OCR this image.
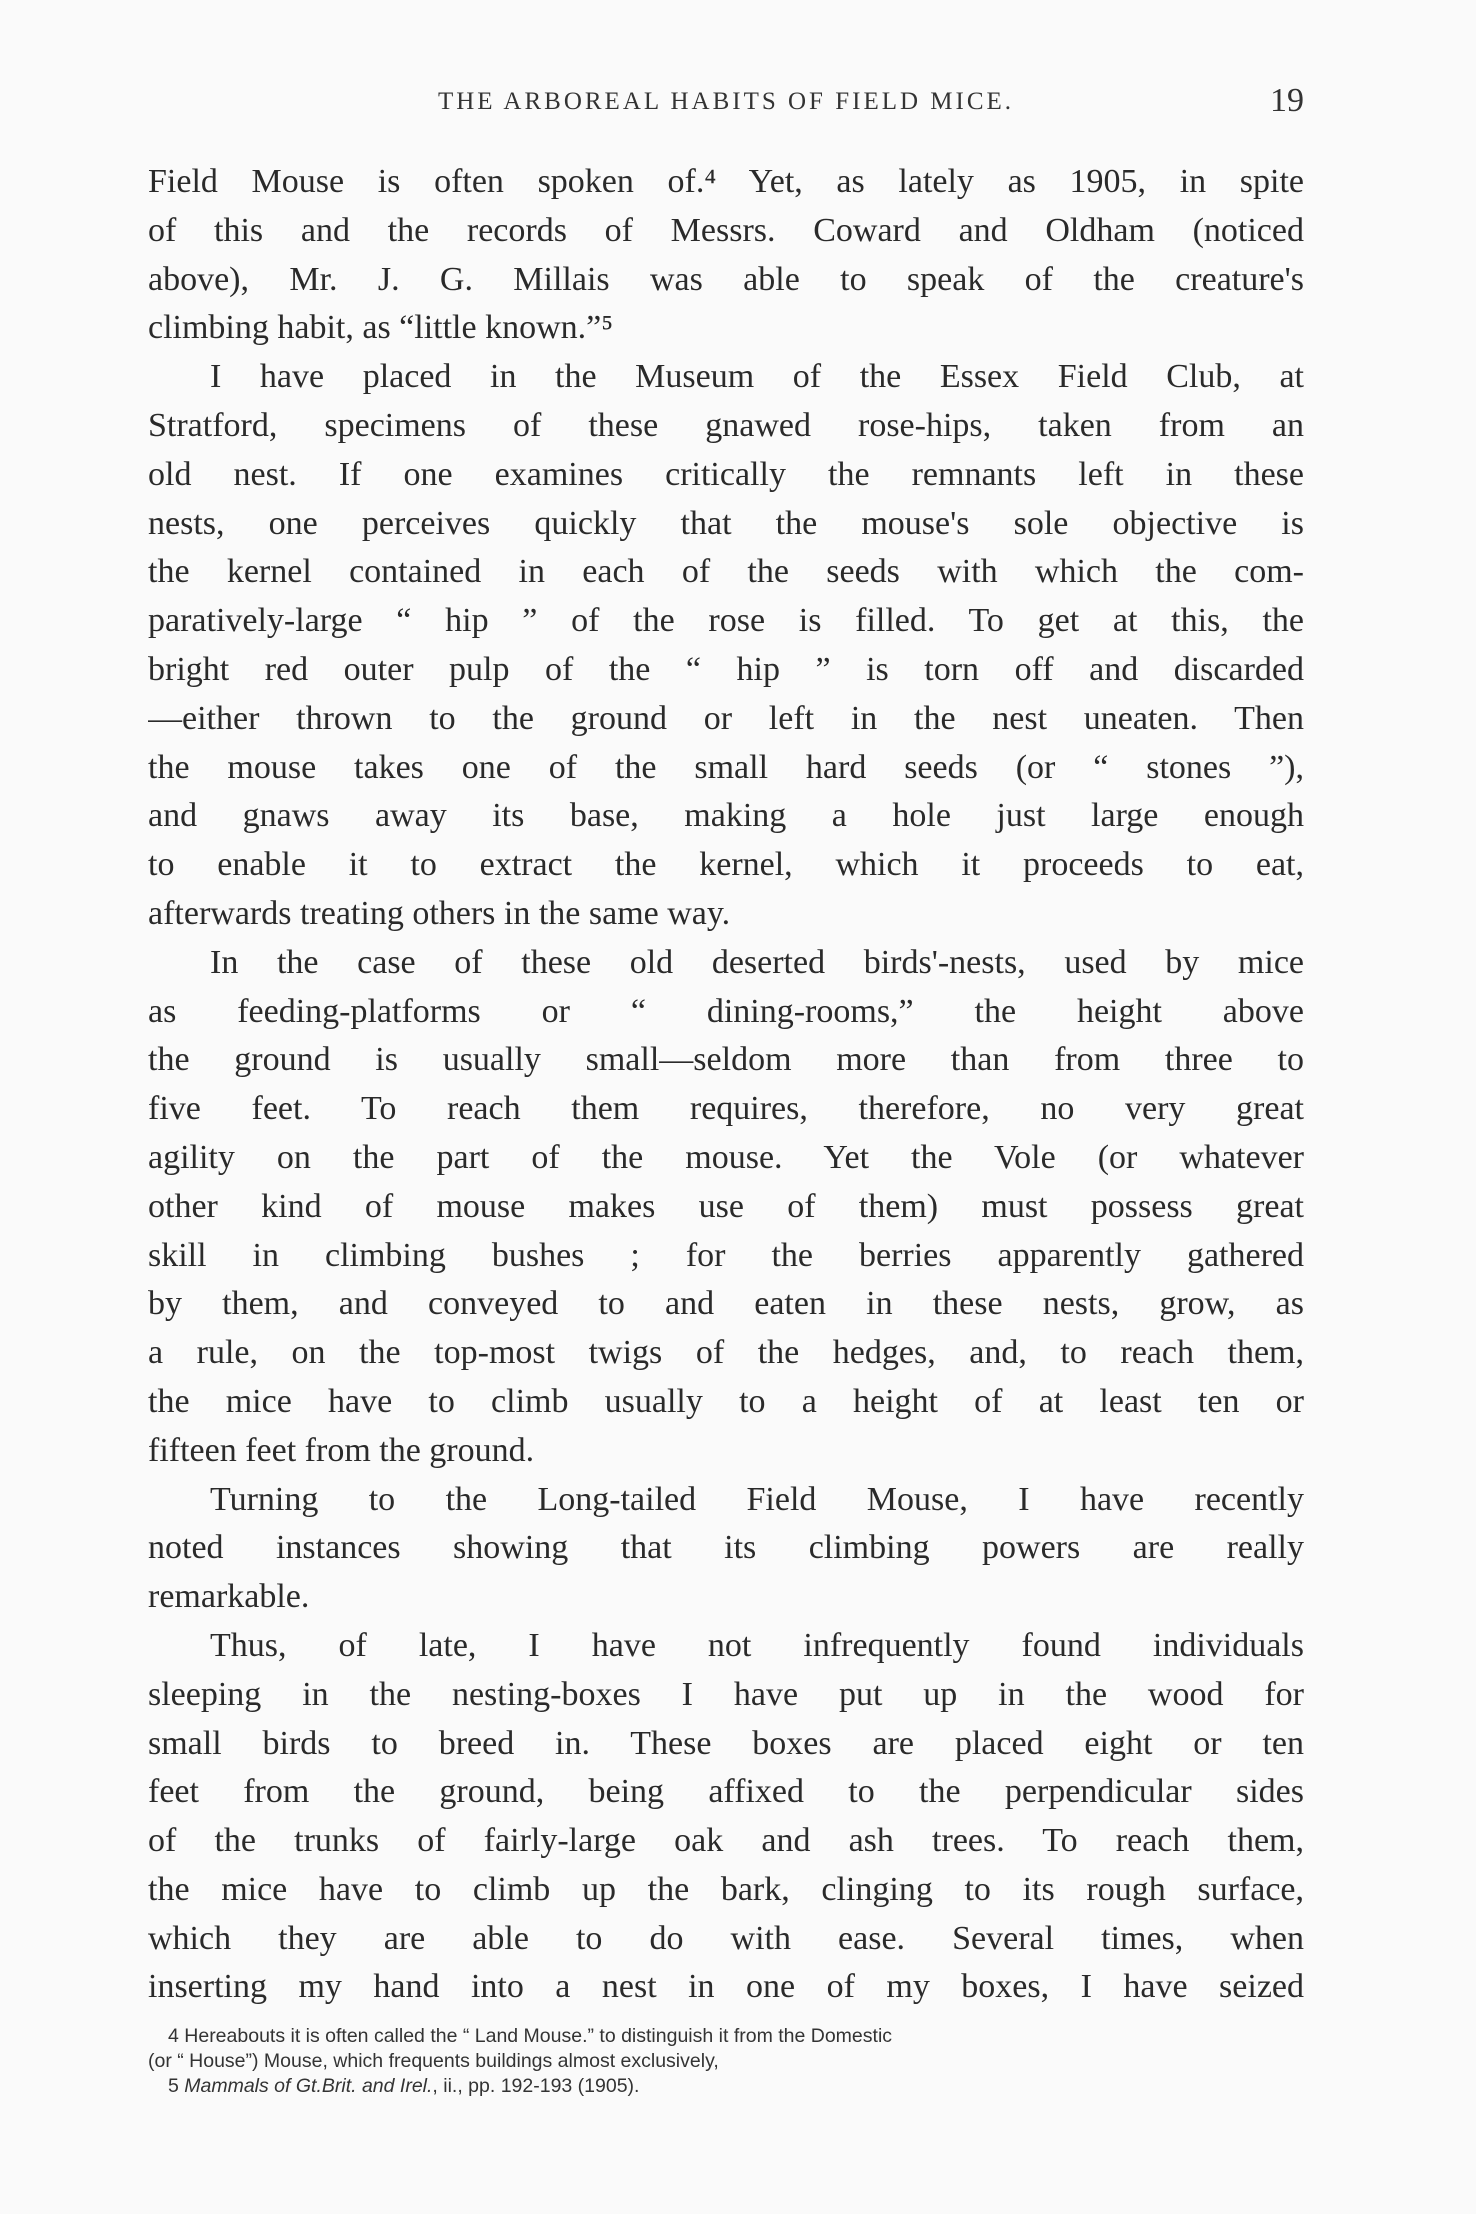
THE ARBOREAL HABITS OF FIELD MICE.	19
Field Mouse is often spoken of.⁴ Yet, as lately as 1905, in spite
of this and the records of Messrs. Coward and Oldham (noticed
above), Mr. J. G. Millais was able to speak of the creature's
climbing habit, as “little known.”⁵
I have placed in the Museum of the Essex Field Club, at
Stratford, specimens of these gnawed rose-hips, taken from an
old nest. If one examines critically the remnants left in these
nests, one perceives quickly that the mouse's sole objective is
the kernel contained in each of the seeds with which the com-
paratively-large “ hip ” of the rose is filled. To get at this, the
bright red outer pulp of the “ hip ” is torn off and discarded
—either thrown to the ground or left in the nest uneaten. Then
the mouse takes one of the small hard seeds (or “ stones ”),
and gnaws away its base, making a hole just large enough
to enable it to extract the kernel, which it proceeds to eat,
afterwards treating others in the same way.
In the case of these old deserted birds'-nests, used by mice
as feeding-platforms or “ dining-rooms,” the height above
the ground is usually small—seldom more than from three to
five feet. To reach them requires, therefore, no very great
agility on the part of the mouse. Yet the Vole (or whatever
other kind of mouse makes use of them) must possess great
skill in climbing bushes ; for the berries apparently gathered
by them, and conveyed to and eaten in these nests, grow, as
a rule, on the top-most twigs of the hedges, and, to reach them,
the mice have to climb usually to a height of at least ten or
fifteen feet from the ground.
Turning to the Long-tailed Field Mouse, I have recently
noted instances showing that its climbing powers are really
remarkable.
Thus, of late, I have not infrequently found individuals
sleeping in the nesting-boxes I have put up in the wood for
small birds to breed in. These boxes are placed eight or ten
feet from the ground, being affixed to the perpendicular sides
of the trunks of fairly-large oak and ash trees. To reach them,
the mice have to climb up the bark, clinging to its rough surface,
which they are able to do with ease. Several times, when
inserting my hand into a nest in one of my boxes, I have seized
4 Hereabouts it is often called the “ Land Mouse.” to distinguish it from the Domestic
(or “ House”) Mouse, which frequents buildings almost exclusively,
5 Mammals of Gt.Brit. and Irel., ii., pp. 192-193 (1905).
